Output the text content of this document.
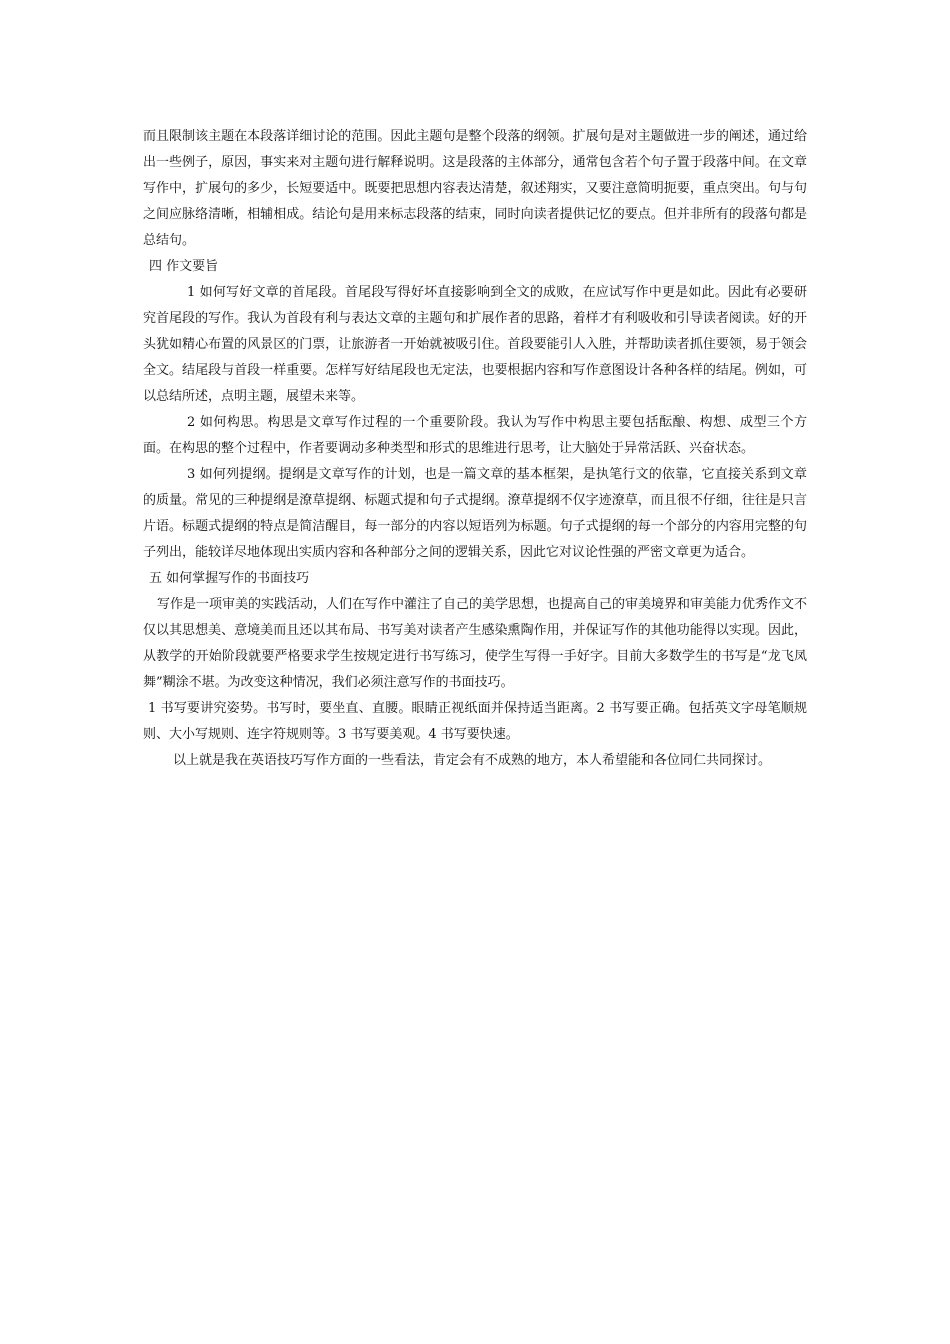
而且限制该主题在本段落详细讨论的范围。因此主题句是整个段落的纲领。扩展句是对主题做进一步的阐述，通过给出一些例子，原因，事实来对主题句进行解释说明。这是段落的主体部分，通常包含若个句子置于段落中间。在文章写作中，扩展句的多少，长短要适中。既要把思想内容表达清楚，叙述翔实，又要注意简明扼要，重点突出。句与句之间应脉络清晰，相辅相成。结论句是用来标志段落的结束，同时向读者提供记忆的要点。但并非所有的段落句都是总结句。

四 作文要旨

1 如何写好文章的首尾段。首尾段写得好坏直接影响到全文的成败，在应试写作中更是如此。因此有必要研究首尾段的写作。我认为首段有利与表达文章的主题句和扩展作者的思路，着样才有利吸收和引导读者阅读。好的开头犹如精心布置的风景区的门票，让旅游者一开始就被吸引住。首段要能引人入胜，并帮助读者抓住要领，易于领会全文。结尾段与首段一样重要。怎样写好结尾段也无定法，也要根据内容和写作意图设计各种各样的结尾。例如，可以总结所述，点明主题，展望未来等。

2 如何构思。构思是文章写作过程的一个重要阶段。我认为写作中构思主要包括酝酿、构想、成型三个方面。在构思的整个过程中，作者要调动多种类型和形式的思维进行思考，让大脑处于异常活跃、兴奋状态。

3 如何列提纲。提纲是文章写作的计划，也是一篇文章的基本框架，是执笔行文的依靠，它直接关系到文章的质量。常见的三种提纲是潦草提纲、标题式提和句子式提纲。潦草提纲不仅字迹潦草，而且很不仔细，往往是只言片语。标题式提纲的特点是简洁醒目，每一部分的内容以短语列为标题。句子式提纲的每一个部分的内容用完整的句子列出，能较详尽地体现出实质内容和各种部分之间的逻辑关系，因此它对议论性强的严密文章更为适合。

五 如何掌握写作的书面技巧

写作是一项审美的实践活动，人们在写作中灌注了自己的美学思想，也提高自己的审美境界和审美能力优秀作文不仅以其思想美、意境美而且还以其布局、书写美对读者产生感染熏陶作用，并保证写作的其他功能得以实现。因此，从教学的开始阶段就要严格要求学生按规定进行书写练习，使学生写得一手好字。目前大多数学生的书写是“龙飞凤舞”糊涂不堪。为改变这种情况，我们必须注意写作的书面技巧。

1 书写要讲究姿势。书写时，要坐直、直腰。眼睛正视纸面并保持适当距离。2 书写要正确。包括英文字母笔顺规则、大小写规则、连字符规则等。3 书写要美观。4 书写要快速。

以上就是我在英语技巧写作方面的一些看法，肯定会有不成熟的地方，本人希望能和各位同仁共同探讨。
